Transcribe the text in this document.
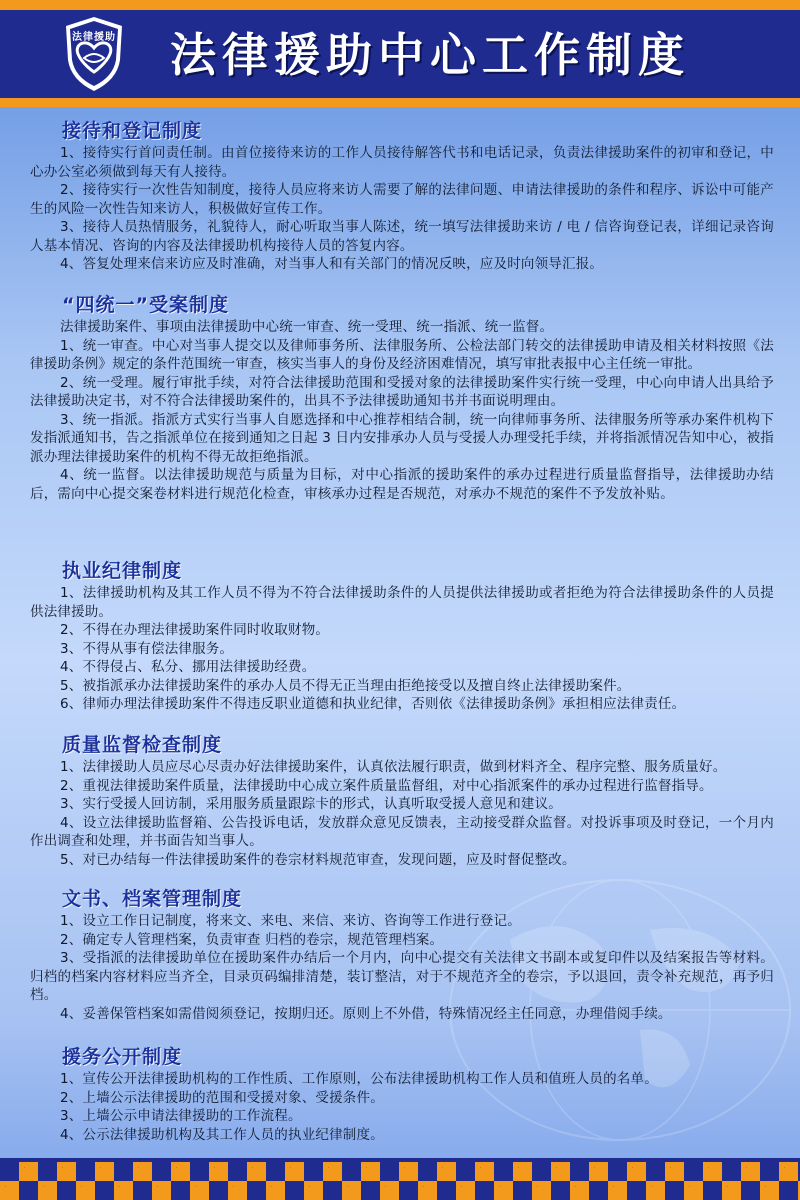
法律援助 法律援助中心工作制度
接待和登记制度

1、接待实行首问责任制。由首位接待来访的工作人员接待解答代书和电话记录，负责法律援助案件的初审和登记，中心办公室必须做到每天有人接待。

2、接待实行一次性告知制度，接待人员应将来访人需要了解的法律问题、申请法律援助的条件和程序、诉讼中可能产生的风险一次性告知来访人，积极做好宣传工作。

3、接待人员热情服务，礼貌待人，耐心听取当事人陈述，统一填写法律援助来访 / 电 / 信咨询登记表，详细记录咨询人基本情况、咨询的内容及法律援助机构接待人员的答复内容。

4、答复处理来信来访应及时准确，对当事人和有关部门的情况反映，应及时向领导汇报。

“四统一”受案制度

法律援助案件、事项由法律援助中心统一审查、统一受理、统一指派、统一监督。

1、统一审查。中心对当事人提交以及律师事务所、法律服务所、公检法部门转交的法律援助申请及相关材料按照《法律援助条例》规定的条件范围统一审查，核实当事人的身份及经济困难情况，填写审批表报中心主任统一审批。

2、统一受理。履行审批手续，对符合法律援助范围和受援对象的法律援助案件实行统一受理，中心向申请人出具给予法律援助决定书，对不符合法律援助案件的，出具不予法律援助通知书并书面说明理由。

3、统一指派。指派方式实行当事人自愿选择和中心推荐相结合制，统一向律师事务所、法律服务所等承办案件机构下发指派通知书，告之指派单位在接到通知之日起 3 日内安排承办人员与受援人办理受托手续，并将指派情况告知中心，被指派办理法律援助案件的机构不得无故拒绝指派。

4、统一监督。以法律援助规范与质量为目标，对中心指派的援助案件的承办过程进行质量监督指导，法律援助办结后，需向中心提交案卷材料进行规范化检查，审核承办过程是否规范，对承办不规范的案件不予发放补贴。

执业纪律制度

1、法律援助机构及其工作人员不得为不符合法律援助条件的人员提供法律援助或者拒绝为符合法律援助条件的人员提供法律援助。

2、不得在办理法律援助案件同时收取财物。

3、不得从事有偿法律服务。

4、不得侵占、私分、挪用法律援助经费。

5、被指派承办法律援助案件的承办人员不得无正当理由拒绝接受以及擅自终止法律援助案件。

6、律师办理法律援助案件不得违反职业道德和执业纪律，否则依《法律援助条例》承担相应法律责任。

质量监督检查制度

1、法律援助人员应尽心尽责办好法律援助案件，认真依法履行职责，做到材料齐全、程序完整、服务质量好。

2、重视法律援助案件质量，法律援助中心成立案件质量监督组，对中心指派案件的承办过程进行监督指导。

3、实行受援人回访制，采用服务质量跟踪卡的形式，认真听取受援人意见和建议。

4、设立法律援助监督箱、公告投诉电话，发放群众意见反馈表，主动接受群众监督。对投诉事项及时登记，一个月内作出调查和处理，并书面告知当事人。

5、对已办结每一件法律援助案件的卷宗材料规范审查，发现问题，应及时督促整改。

文书、档案管理制度

1、设立工作日记制度，将来文、来电、来信、来访、咨询等工作进行登记。

2、确定专人管理档案，负责审查 归档的卷宗，规范管理档案。

3、受指派的法律援助单位在援助案件办结后一个月内，向中心提交有关法律文书副本或复印件以及结案报告等材料。归档的档案内容材料应当齐全，目录页码编排清楚，装订整洁，对于不规范齐全的卷宗，予以退回，责令补充规范，再予归档。

4、妥善保管档案如需借阅须登记，按期归还。原则上不外借，特殊情况经主任同意，办理借阅手续。

援务公开制度

1、宣传公开法律援助机构的工作性质、工作原则，公布法律援助机构工作人员和值班人员的名单。

2、上墙公示法律援助的范围和受援对象、受援条件。

3、上墙公示申请法律援助的工作流程。

4、公示法律援助机构及其工作人员的执业纪律制度。
